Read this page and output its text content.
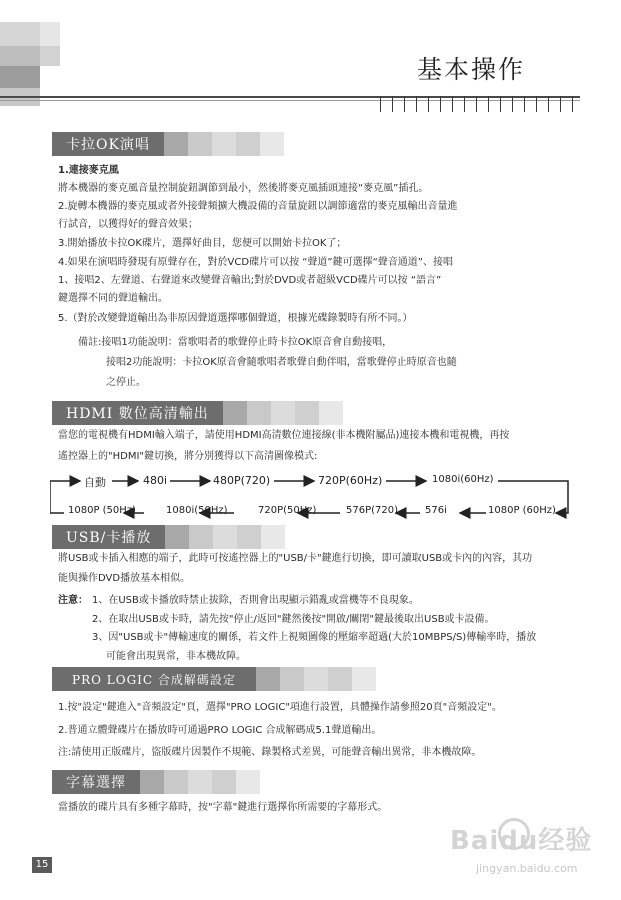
基本操作
卡拉OK演唱
1.連接麥克風
將本機器的麥克風音量控制旋鈕調節到最小，然後將麥克風插頭連接“麥克風”插孔。
2.旋轉本機器的麥克風或者外接聲頻擴大機設備的音量旋鈕以調節適當的麥克風輸出音量進
行試音，以獲得好的聲音效果；
3.開始播放卡拉OK碟片，選擇好曲目，您便可以開始卡拉OK了；
4.如果在演唱時發現有原聲存在，對於VCD碟片可以按 “聲道”鍵可選擇“聲音通道”、接唱
1、接唱2、左聲道、右聲道來改變聲音輸出;對於DVD或者超級VCD碟片可以按 “語言”
鍵選擇不同的聲道輸出。
5.（對於改變聲道輸出為非原因聲道選擇哪個聲道，根據光碟錄製時有所不同。）
備註:接唱1功能說明：當歌唱者的歌聲停止時卡拉OK原音會自動接唱，
接唱2功能說明：卡拉OK原音會隨歌唱者歌聲自動伴唱，當歌聲停止時原音也隨
之停止。
HDMI 數位高清輸出
當您的電視機有HDMI輸入端子，請使用HDMI高清數位連接線(非本機附屬品)連接本機和電視機，再按
遙控器上的"HDMI"鍵切換，將分別獲得以下高清圖像模式:
自動	480i	480P(720)	720P(60Hz)	1080i(60Hz)
1080P (50Hz)	1080i(50Hz)	720P(50Hz)	576P(720)	576i	1080P (60Hz)
USB/卡播放
將USB或卡插入相應的端子，此時可按遙控器上的"USB/卡"鍵進行切換，即可讀取USB或卡內的內容，其功
能與操作DVD播放基本相似。
注意： 1、在USB或卡播放時禁止拔除，否則會出現顯示錯亂或當機等不良現象。
2、在取出USB或卡時，請先按"停止/返回"鍵然後按"開啟/關閉"鍵最後取出USB或卡設備。
3、因"USB或卡"傳輸速度的關係，若文件上視頻圖像的壓縮率超過(大於10MBPS/S)傳輸率時，播放
可能會出現異常，非本機故障。
PRO LOGIC 合成解碼設定
1.按"設定"鍵進入"音頻設定"頁，選擇"PRO LOGIC"項進行設置，具體操作請參照20頁"音頻設定"。
2.普通立體聲碟片在播放時可通過PRO LOGIC 合成解碼成5.1聲道輸出。
注:請使用正版碟片，盜版碟片因製作不規範、錄製格式差異，可能聲音輸出異常，非本機故障。
字幕選擇
當播放的碟片具有多種字幕時，按"字幕"鍵進行選擇你所需要的字幕形式。
15
Baidu经验
jingyan.baidu.com
